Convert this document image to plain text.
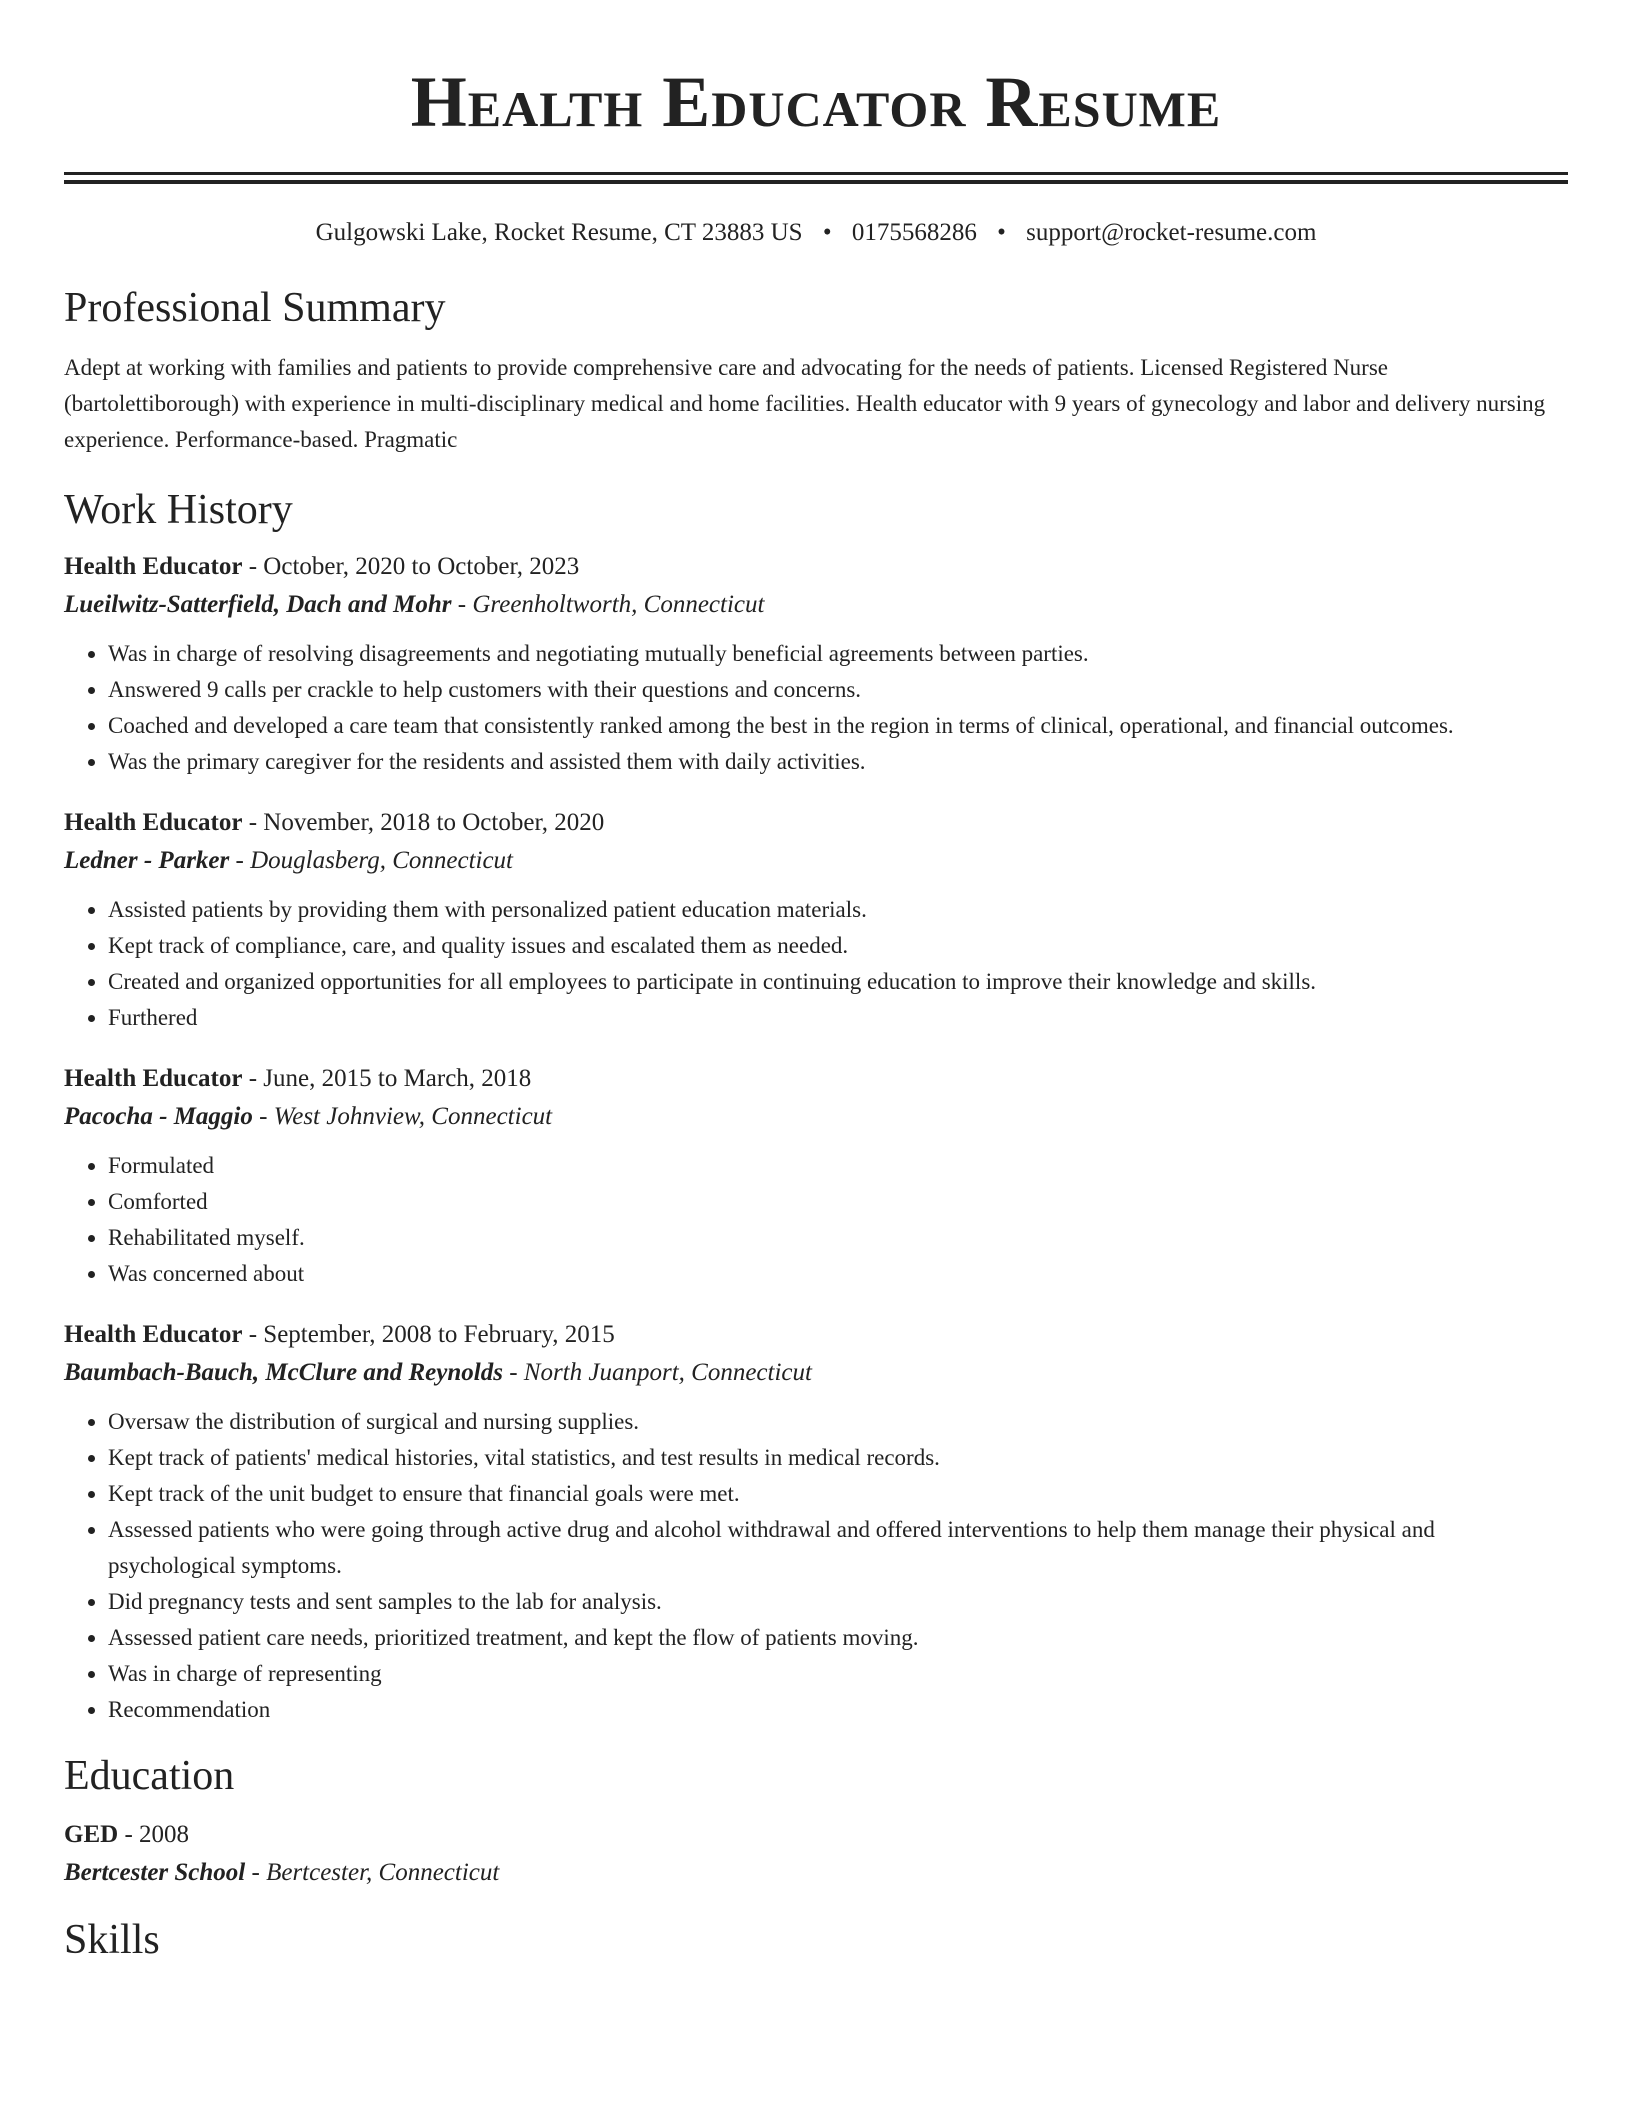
Health Educator Resume
Gulgowski Lake, Rocket Resume, CT 23883 US • 0175568286 • support@rocket-resume.com
Professional Summary

Adept at working with families and patients to provide comprehensive care and advocating for the needs of patients. Licensed Registered Nurse (bartolettiborough) with experience in multi-disciplinary medical and home facilities. Health educator with 9 years of gynecology and labor and delivery nursing experience. Performance-based. Pragmatic

Work History
Health Educator - October, 2020 to October, 2023
Lueilwitz-Satterfield, Dach and Mohr - Greenholtworth, Connecticut
• Was in charge of resolving disagreements and negotiating mutually beneficial agreements between parties.
• Answered 9 calls per crackle to help customers with their questions and concerns.
• Coached and developed a care team that consistently ranked among the best in the region in terms of clinical, operational, and financial outcomes.
• Was the primary caregiver for the residents and assisted them with daily activities.
Health Educator - November, 2018 to October, 2020
Ledner - Parker - Douglasberg, Connecticut
• Assisted patients by providing them with personalized patient education materials.
• Kept track of compliance, care, and quality issues and escalated them as needed.
• Created and organized opportunities for all employees to participate in continuing education to improve their knowledge and skills.
• Furthered
Health Educator - June, 2015 to March, 2018
Pacocha - Maggio - West Johnview, Connecticut
• Formulated
• Comforted
• Rehabilitated myself.
• Was concerned about
Health Educator - September, 2008 to February, 2015
Baumbach-Bauch, McClure and Reynolds - North Juanport, Connecticut
• Oversaw the distribution of surgical and nursing supplies.
• Kept track of patients' medical histories, vital statistics, and test results in medical records.
• Kept track of the unit budget to ensure that financial goals were met.
• Assessed patients who were going through active drug and alcohol withdrawal and offered interventions to help them manage their physical and psychological symptoms.
• Did pregnancy tests and sent samples to the lab for analysis.
• Assessed patient care needs, prioritized treatment, and kept the flow of patients moving.
• Was in charge of representing
• Recommendation
Education
GED - 2008
Bertcester School - Bertcester, Connecticut
Skills
